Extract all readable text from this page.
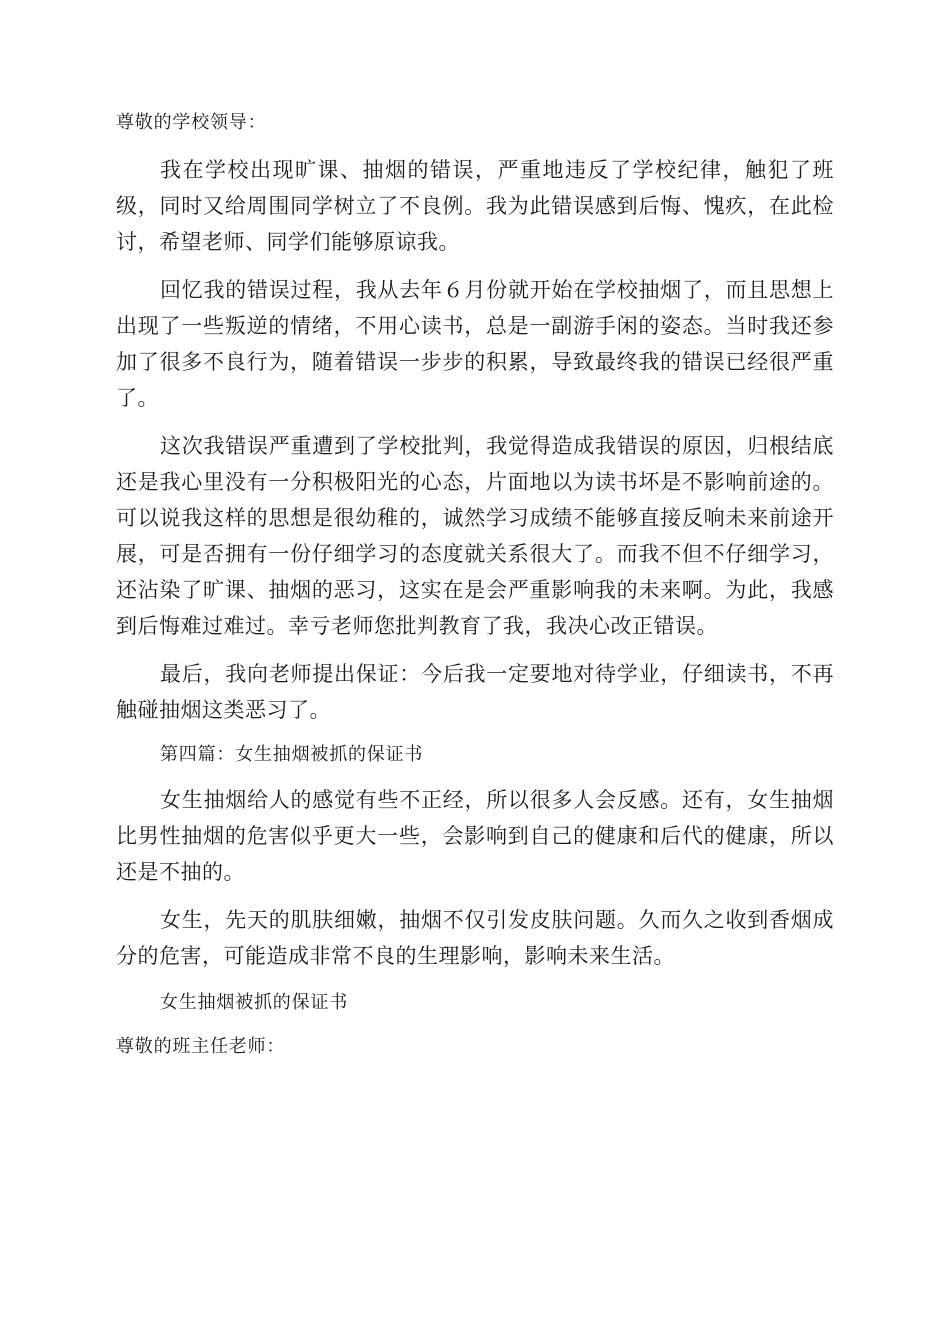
尊敬的学校领导：

我在学校出现旷课、抽烟的错误，严重地违反了学校纪律，触犯了班级，同时又给周围同学树立了不良例。我为此错误感到后悔、愧疚，在此检讨，希望老师、同学们能够原谅我。

回忆我的错误过程，我从去年６月份就开始在学校抽烟了，而且思想上出现了一些叛逆的情绪，不用心读书，总是一副游手闲的姿态。当时我还参加了很多不良行为，随着错误一步步的积累，导致最终我的错误已经很严重了。

这次我错误严重遭到了学校批判，我觉得造成我错误的原因，归根结底还是我心里没有一分积极阳光的心态，片面地以为读书坏是不影响前途的。可以说我这样的思想是很幼稚的，诚然学习成绩不能够直接反响未来前途开展，可是否拥有一份仔细学习的态度就关系很大了。而我不但不仔细学习，还沾染了旷课、抽烟的恶习，这实在是会严重影响我的未来啊。为此，我感到后悔难过难过。幸亏老师您批判教育了我，我决心改正错误。

最后，我向老师提出保证：今后我一定要地对待学业，仔细读书，不再触碰抽烟这类恶习了。

第四篇：女生抽烟被抓的保证书

女生抽烟给人的感觉有些不正经，所以很多人会反感。还有，女生抽烟比男性抽烟的危害似乎更大一些，会影响到自己的健康和后代的健康，所以还是不抽的。

女生，先天的肌肤细嫩，抽烟不仅引发皮肤问题。久而久之收到香烟成分的危害，可能造成非常不良的生理影响，影响未来生活。

女生抽烟被抓的保证书

尊敬的班主任老师：
